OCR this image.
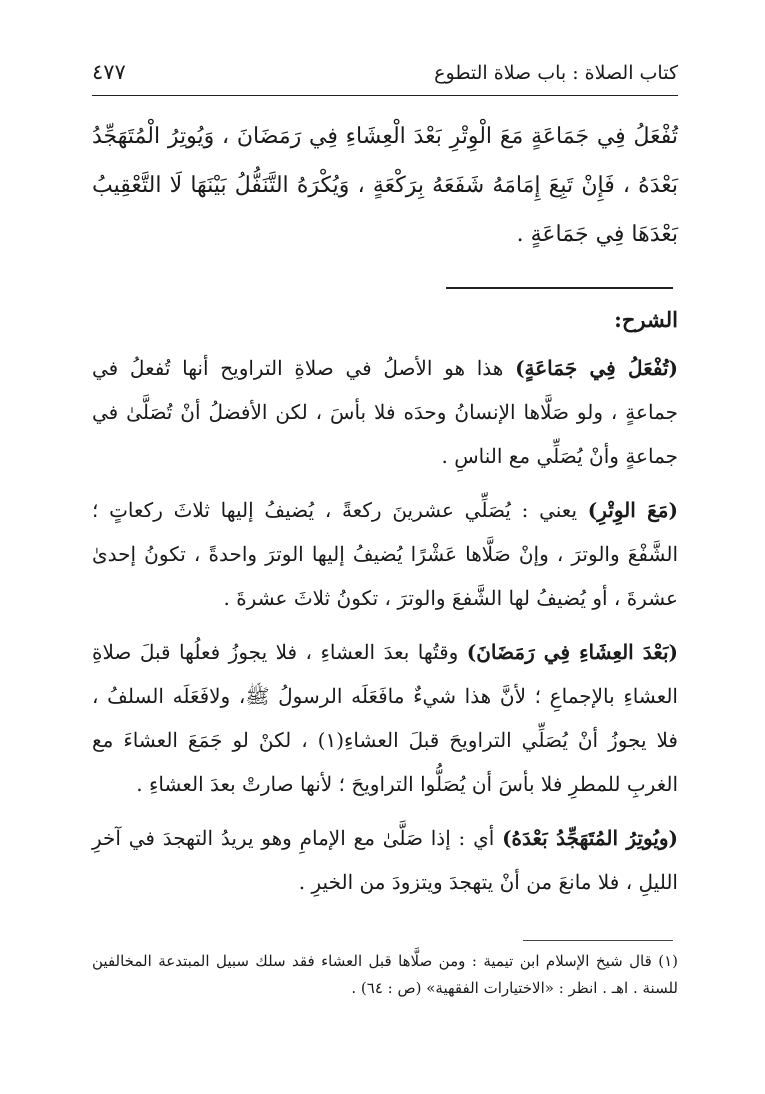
كتاب الصلاة : باب صلاة التطوع
٤٧٧

تُفْعَلُ فِي جَمَاعَةٍ مَعَ الْوِتْرِ بَعْدَ الْعِشَاءِ فِي رَمَضَانَ ، وَيُوتِرُ الْمُتَهَجِّدُ بَعْدَهُ ، فَإِنْ تَبِعَ إِمَامَهُ شَفَعَهُ بِرَكْعَةٍ ، وَيُكْرَهُ التَّنَفُّلُ بَيْنَهَا لَا التَّعْقِيبُ بَعْدَهَا فِي جَمَاعَةٍ .

الشرح:

(تُفْعَلُ فِي جَمَاعَةٍ) هذا هو الأصلُ في صلاةِ التراويح أنها تُفعلُ في جماعةٍ ، ولو صَلَّاها الإنسانُ وحدَه فلا بأسَ ، لكن الأفضلُ أنْ تُصَلَّىٰ في جماعةٍ وأنْ يُصَلِّي مع الناسِ .

(مَعَ الوِتْرِ) يعني : يُصَلِّي عشرينَ ركعةً ، يُضيفُ إليها ثلاثَ ركعاتٍ ؛ الشَّفْعَ والوترَ ، وإنْ صَلَّاها عَشْرًا يُضيفُ إليها الوترَ واحدةً ، تكونُ إحدىٰ عشرةَ ، أو يُضيفُ لها الشَّفعَ والوترَ ، تكونُ ثلاثَ عشرةَ .

(بَعْدَ العِشَاءِ فِي رَمَضَانَ) وقتُها بعدَ العشاءِ ، فلا يجوزُ فعلُها قبلَ صلاةِ العشاءِ بالإجماعِ ؛ لأنَّ هذا شيءٌ مافَعَلَه الرسولُ ﷺ، ولافَعَلَه السلفُ ، فلا يجوزُ أنْ يُصَلِّي التراويحَ قبلَ العشاءِ(١) ، لكنْ لو جَمَعَ العشاءَ مع الغربِ للمطرِ فلا بأسَ أن يُصَلُّوا التراويحَ ؛ لأنها صارتْ بعدَ العشاءِ .

(ويُوتِرُ المُتَهَجِّدُ بَعْدَهُ) أي : إذا صَلَّىٰ مع الإمامِ وهو يريدُ التهجدَ في آخرِ الليلِ ، فلا مانعَ من أنْ يتهجدَ ويتزودَ من الخيرِ .

(١) قال شيخ الإسلام ابن تيمية : ومن صلَّاها قبل العشاء فقد سلك سبيل المبتدعة المخالفين للسنة . اهـ . انظر : «الاختيارات الفقهية» (ص : ٦٤) .
